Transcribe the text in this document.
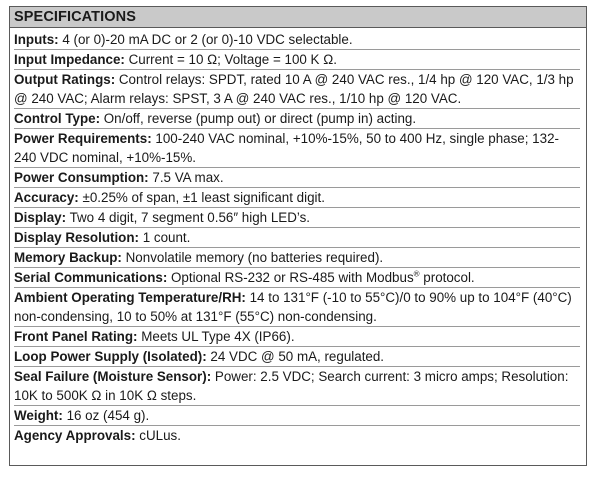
SPECIFICATIONS
Inputs: 4 (or 0)-20 mA DC or 2 (or 0)-10 VDC selectable.
Input Impedance: Current = 10 Ω; Voltage = 100 K Ω.
Output Ratings: Control relays: SPDT, rated 10 A @ 240 VAC res., 1/4 hp @ 120 VAC, 1/3 hp @ 240 VAC; Alarm relays: SPST, 3 A @ 240 VAC res., 1/10 hp @ 120 VAC.
Control Type: On/off, reverse (pump out) or direct (pump in) acting.
Power Requirements: 100-240 VAC nominal, +10%-15%, 50 to 400 Hz, single phase; 132-240 VDC nominal, +10%-15%.
Power Consumption: 7.5 VA max.
Accuracy: ±0.25% of span, ±1 least significant digit.
Display: Two 4 digit, 7 segment 0.56″ high LED’s.
Display Resolution: 1 count.
Memory Backup: Nonvolatile memory (no batteries required).
Serial Communications: Optional RS-232 or RS-485 with Modbus® protocol.
Ambient Operating Temperature/RH: 14 to 131°F (-10 to 55°C)/0 to 90% up to 104°F (40°C) non-condensing, 10 to 50% at 131°F (55°C) non-condensing.
Front Panel Rating: Meets UL Type 4X (IP66).
Loop Power Supply (Isolated): 24 VDC @ 50 mA, regulated.
Seal Failure (Moisture Sensor): Power: 2.5 VDC; Search current: 3 micro amps; Resolution: 10K to 500K Ω in 10K Ω steps.
Weight: 16 oz (454 g).
Agency Approvals: cULus.
